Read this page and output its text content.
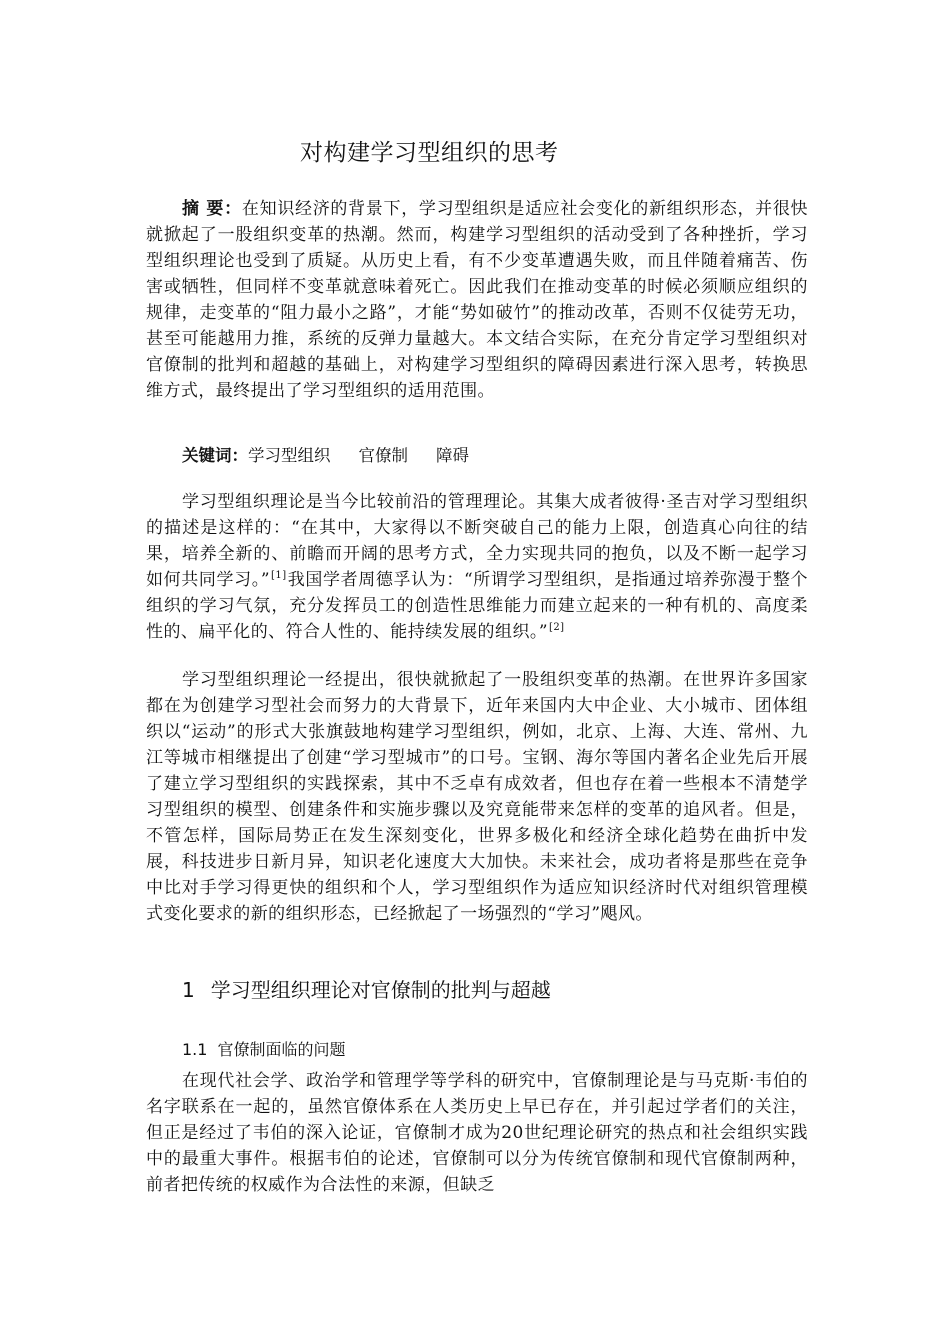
对构建学习型组织的思考
摘 要：在知识经济的背景下，学习型组织是适应社会变化的新组织形态，并很快就掀起了一股组织变革的热潮。然而，构建学习型组织的活动受到了各种挫折，学习型组织理论也受到了质疑。从历史上看，有不少变革遭遇失败，而且伴随着痛苦、伤害或牺牲，但同样不变革就意味着死亡。因此我们在推动变革的时候必须顺应组织的规律，走变革的“阻力最小之路”，才能“势如破竹”的推动改革，否则不仅徒劳无功，甚至可能越用力推，系统的反弹力量越大。本文结合实际，在充分肯定学习型组织对官僚制的批判和超越的基础上，对构建学习型组织的障碍因素进行深入思考，转换思维方式，最终提出了学习型组织的适用范围。
关键词：学习型组织 官僚制 障碍
学习型组织理论是当今比较前沿的管理理论。其集大成者彼得·圣吉对学习型组织的描述是这样的：“在其中，大家得以不断突破自己的能力上限，创造真心向往的结果，培养全新的、前瞻而开阔的思考方式，全力实现共同的抱负，以及不断一起学习如何共同学习。”[1]我国学者周德孚认为：“所谓学习型组织，是指通过培养弥漫于整个组织的学习气氛，充分发挥员工的创造性思维能力而建立起来的一种有机的、高度柔性的、扁平化的、符合人性的、能持续发展的组织。”[2]
学习型组织理论一经提出，很快就掀起了一股组织变革的热潮。在世界许多国家都在为创建学习型社会而努力的大背景下，近年来国内大中企业、大小城市、团体组织以“运动”的形式大张旗鼓地构建学习型组织，例如，北京、上海、大连、常州、九江等城市相继提出了创建“学习型城市”的口号。宝钢、海尔等国内著名企业先后开展了建立学习型组织的实践探索，其中不乏卓有成效者，但也存在着一些根本不清楚学习型组织的模型、创建条件和实施步骤以及究竟能带来怎样的变革的追风者。但是，不管怎样，国际局势正在发生深刻变化，世界多极化和经济全球化趋势在曲折中发展，科技进步日新月异，知识老化速度大大加快。未来社会，成功者将是那些在竞争中比对手学习得更快的组织和个人，学习型组织作为适应知识经济时代对组织管理模式变化要求的新的组织形态，已经掀起了一场强烈的“学习”飓风。
1 学习型组织理论对官僚制的批判与超越
1.1 官僚制面临的问题
在现代社会学、政治学和管理学等学科的研究中，官僚制理论是与马克斯·韦伯的名字联系在一起的，虽然官僚体系在人类历史上早已存在，并引起过学者们的关注，但正是经过了韦伯的深入论证，官僚制才成为20世纪理论研究的热点和社会组织实践中的最重大事件。根据韦伯的论述，官僚制可以分为传统官僚制和现代官僚制两种，前者把传统的权威作为合法性的来源，但缺乏
